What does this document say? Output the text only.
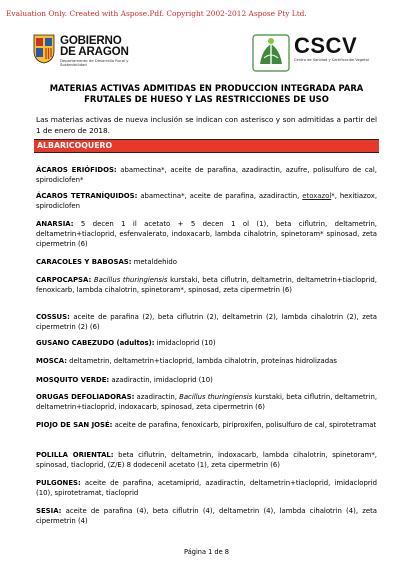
Evaluation Only. Created with Aspose.Pdf. Copyright 2002-2012 Aspose Pty Ltd.
GOBIERNO
DE ARAGON
Departamento de Desarrollo Rural y Sostenibilidad
CSCV
Centro de Sanidad y Certificación Vegetal
MATERIAS ACTIVAS ADMITIDAS EN PRODUCCION INTEGRADA PARA
FRUTALES DE HUESO Y LAS RESTRICCIONES DE USO
Las materias activas de nueva inclusión se indican con asterisco y son admitidas a partir del 1 de enero de 2018.
ALBARICOQUERO
ÁCAROS ERIÓFIDOS: abamectina*, aceite de parafina, azadiractin, azufre, polisulfuro de cal, spirodiclofen*
ÁCAROS TETRANÍQUIDOS: abamectina*, aceite de parafina, azadiractin, etoxazol*, hexitiazox, spirodiclofen
ANARSIA: 5 decen 1 il acetato + 5 decen 1 ol (1), beta ciflutrin, deltametrin, deltametrin+tiacloprid, esfenvalerato, indoxacarb, lambda cihalotrin, spinetoram* spinosad, zeta cipermetrin (6)
CARACOLES Y BABOSAS: metaldehido
CARPOCAPSA: Bacillus thuringiensis kurstaki, beta ciflutrin, deltametrin, deltametrin+tiacloprid, fenoxicarb, lambda cihalotrin, spinetoram*, spinosad, zeta cipermetrin (6)
COSSUS: aceite de parafina (2), beta ciflutrin (2), deltametrin (2), lambda cihalotrin (2), zeta cipermetrin (2) (6)
GUSANO CABEZUDO (adultos): imidacloprid (10)
MOSCA: deltametrin, deltametrin+tiacloprid, lambda cihalotrin, proteínas hidrolizadas
MOSQUITO VERDE: azadiractin, imidacloprid (10)
ORUGAS DEFOLIADORAS: azadiractin, Bacillus thuringiensis kurstaki, beta ciflutrin, deltametrin, deltametrin+tiacloprid, indoxacarb, spinosad, zeta cipermetrin (6)
PIOJO DE SAN JOSÉ: aceite de parafina, fenoxicarb, piriproxifen, polisulfuro de cal, spirotetramat
POLILLA ORIENTAL: beta ciflutrin, deltametrin, indoxacarb, lambda cihalotrin, spinetoram*, spinosad, tiacloprid, (Z/E) 8 dodecenil acetato (1), zeta cipermetrin (6)
PULGONES: aceite de parafina, acetamiprid, azadiractin, deltametrin+tiacloprid, imidacloprid (10), spirotetramat, tiacloprid
SESIA: aceite de parafina (4), beta ciflutrin (4), deltametrin (4), lambda cihalotrin (4), zeta cipermetrin (4)
Página 1 de 8
